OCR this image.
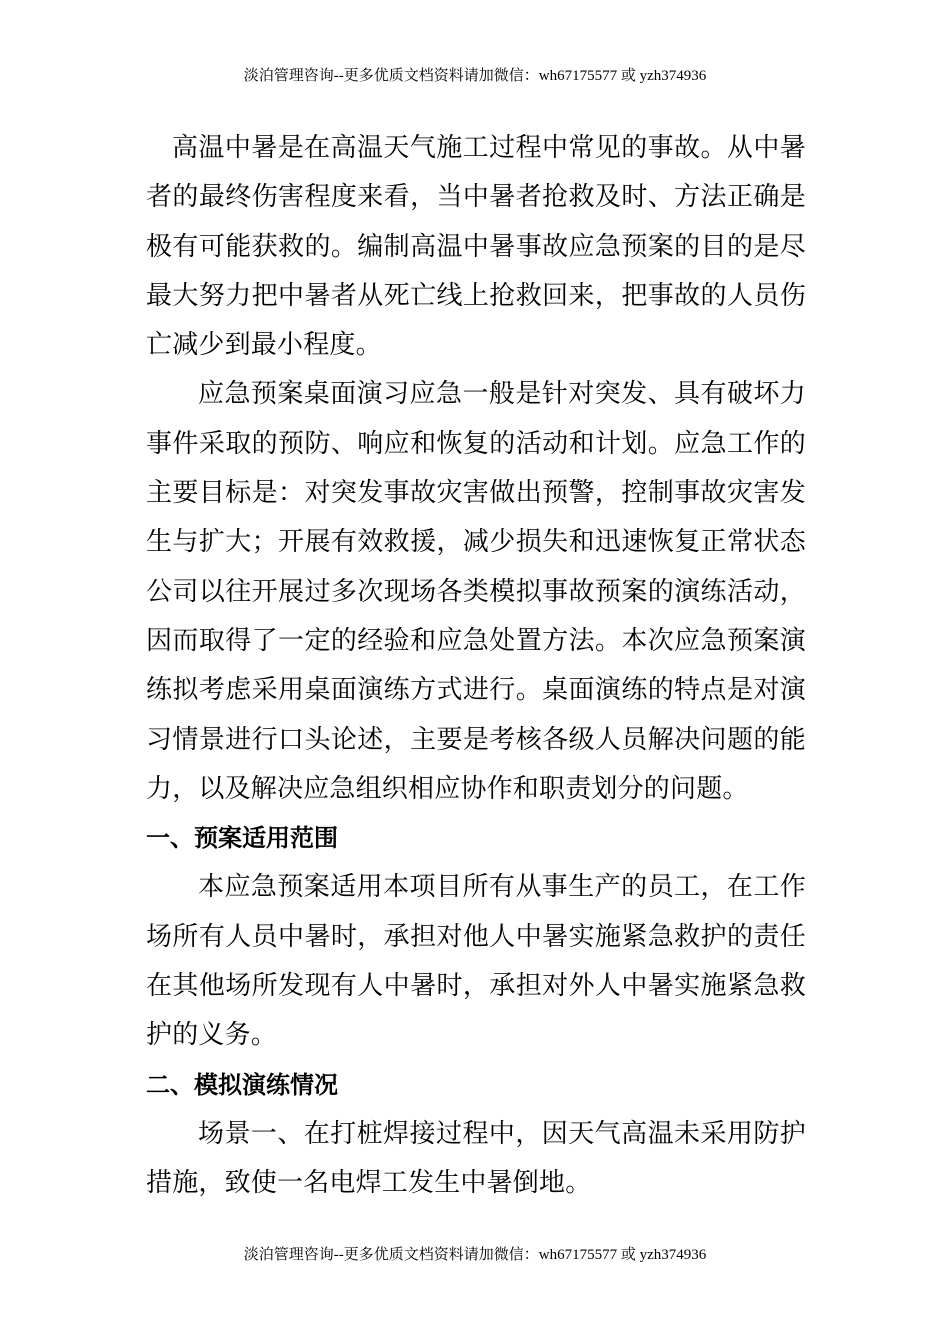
淡泊管理咨询--更多优质文档资料请加微信：wh67175577 或 yzh374936

高温中暑是在高温天气施工过程中常见的事故。从中暑者的最终伤害程度来看，当中暑者抢救及时、方法正确是极有可能获救的。编制高温中暑事故应急预案的目的是尽最大努力把中暑者从死亡线上抢救回来，把事故的人员伤亡减少到最小程度。

应急预案桌面演习应急一般是针对突发、具有破坏力事件采取的预防、响应和恢复的活动和计划。应急工作的主要目标是：对突发事故灾害做出预警，控制事故灾害发生与扩大；开展有效救援，减少损失和迅速恢复正常状态公司以往开展过多次现场各类模拟事故预案的演练活动，因而取得了一定的经验和应急处置方法。本次应急预案演练拟考虑采用桌面演练方式进行。桌面演练的特点是对演习情景进行口头论述，主要是考核各级人员解决问题的能力，以及解决应急组织相应协作和职责划分的问题。

一、预案适用范围

本应急预案适用本项目所有从事生产的员工，在工作场所有人员中暑时，承担对他人中暑实施紧急救护的责任在其他场所发现有人中暑时，承担对外人中暑实施紧急救护的义务。

二、模拟演练情况

场景一、在打桩焊接过程中，因天气高温未采用防护措施，致使一名电焊工发生中暑倒地。

淡泊管理咨询--更多优质文档资料请加微信：wh67175577 或 yzh374936
